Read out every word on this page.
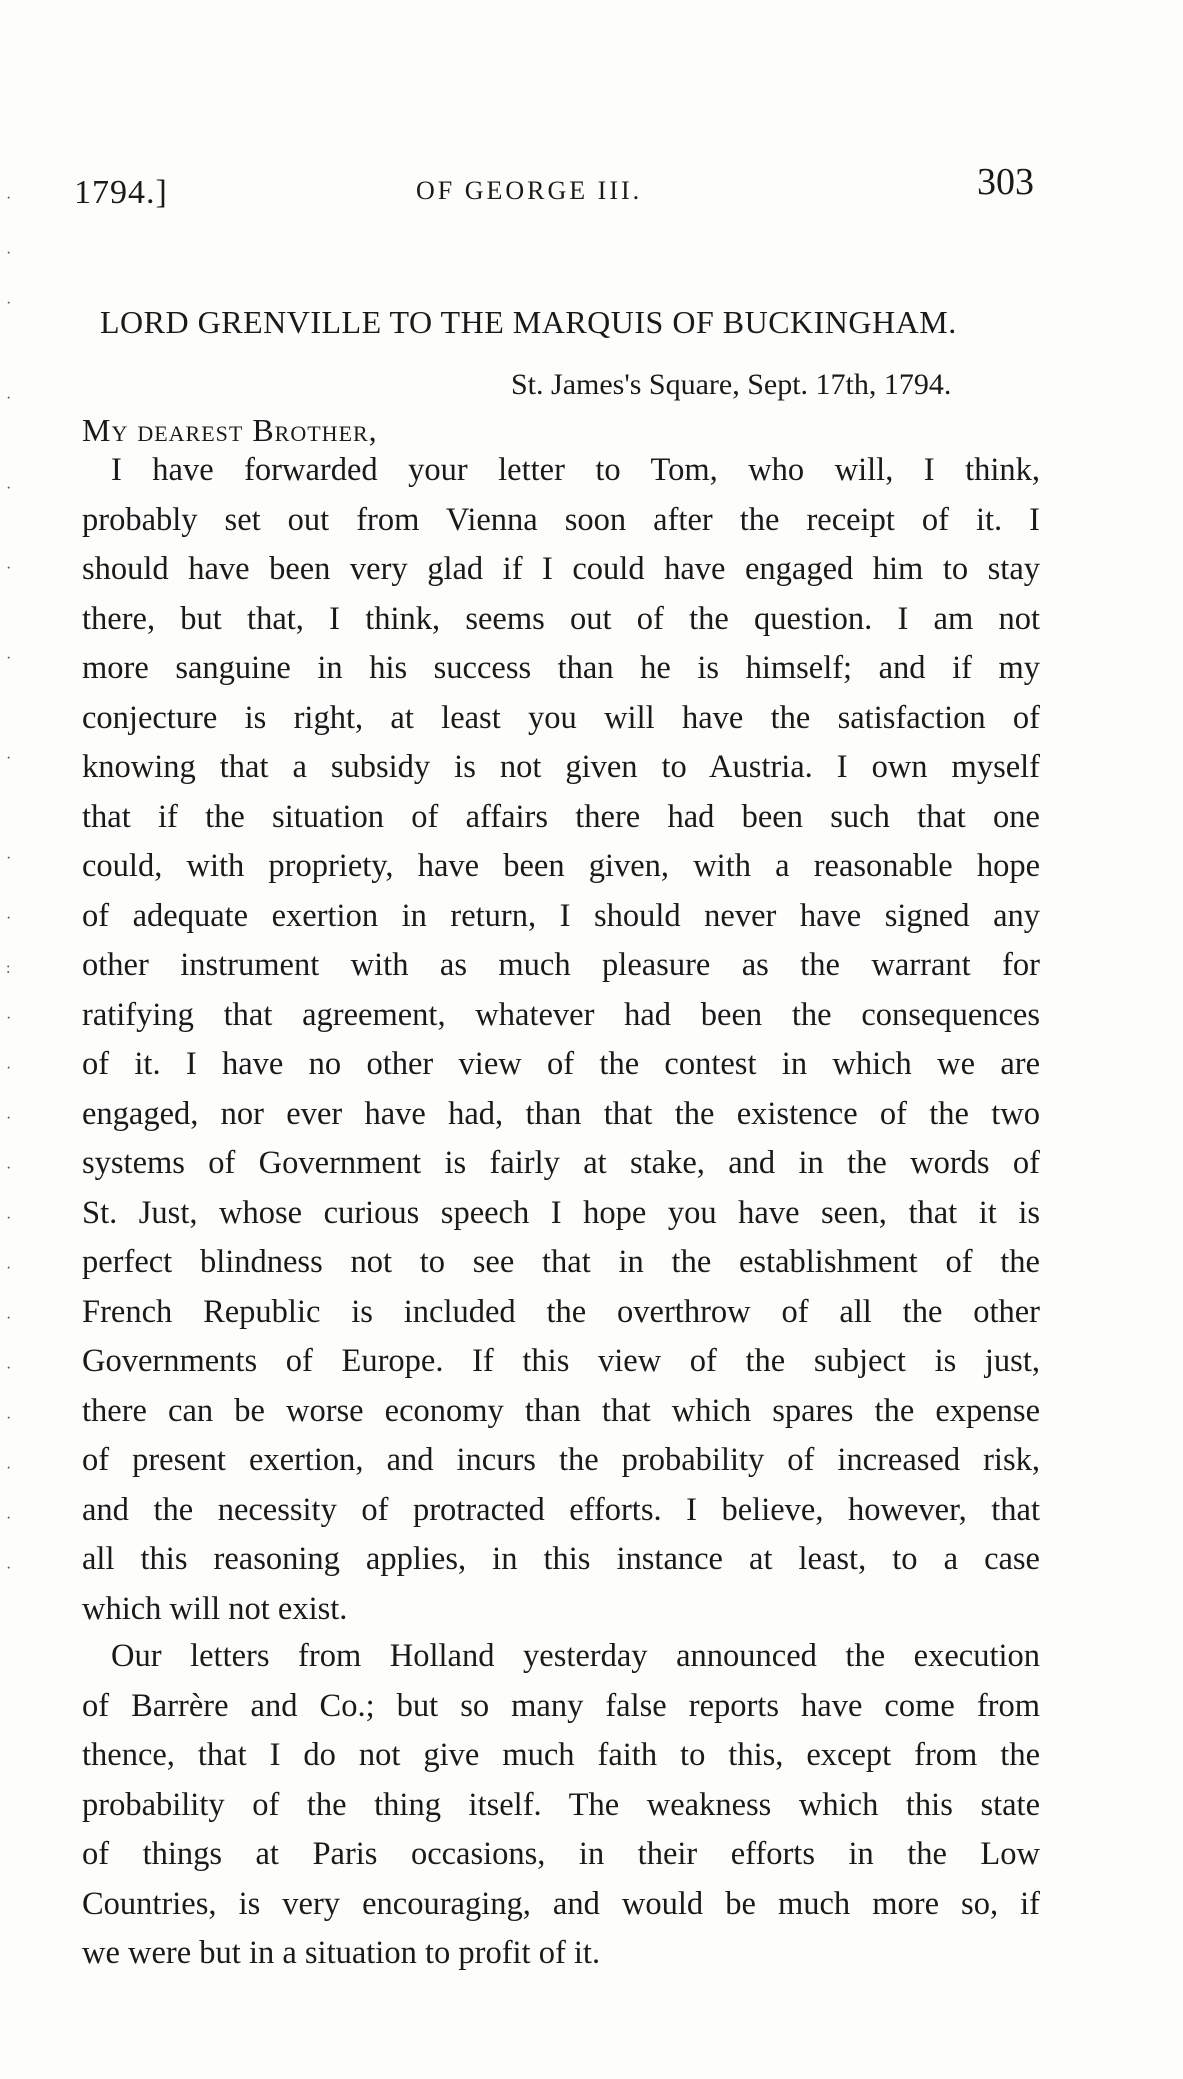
·
·
·
·
·
·
·
·
·
·
:
·
·
·
·
·
·
·
·
·
·
·
·
1794.]	OF GEORGE III.	303
LORD GRENVILLE TO THE MARQUIS OF BUCKINGHAM.
St. James's Square, Sept. 17th, 1794.
My dearest Brother,
I have forwarded your letter to Tom, who will, I think,
probably set out from Vienna soon after the receipt of it. I
should have been very glad if I could have engaged him to stay
there, but that, I think, seems out of the question. I am not
more sanguine in his success than he is himself; and if my
conjecture is right, at least you will have the satisfaction of
knowing that a subsidy is not given to Austria. I own myself
that if the situation of affairs there had been such that one
could, with propriety, have been given, with a reasonable hope
of adequate exertion in return, I should never have signed any
other instrument with as much pleasure as the warrant for
ratifying that agreement, whatever had been the consequences
of it. I have no other view of the contest in which we are
engaged, nor ever have had, than that the existence of the two
systems of Government is fairly at stake, and in the words of
St. Just, whose curious speech I hope you have seen, that it is
perfect blindness not to see that in the establishment of the
French Republic is included the overthrow of all the other
Governments of Europe. If this view of the subject is just,
there can be worse economy than that which spares the expense
of present exertion, and incurs the probability of increased risk,
and the necessity of protracted efforts. I believe, however, that
all this reasoning applies, in this instance at least, to a case
which will not exist.
Our letters from Holland yesterday announced the execution
of Barrère and Co.; but so many false reports have come from
thence, that I do not give much faith to this, except from the
probability of the thing itself. The weakness which this state
of things at Paris occasions, in their efforts in the Low
Countries, is very encouraging, and would be much more so, if
we were but in a situation to profit of it.
